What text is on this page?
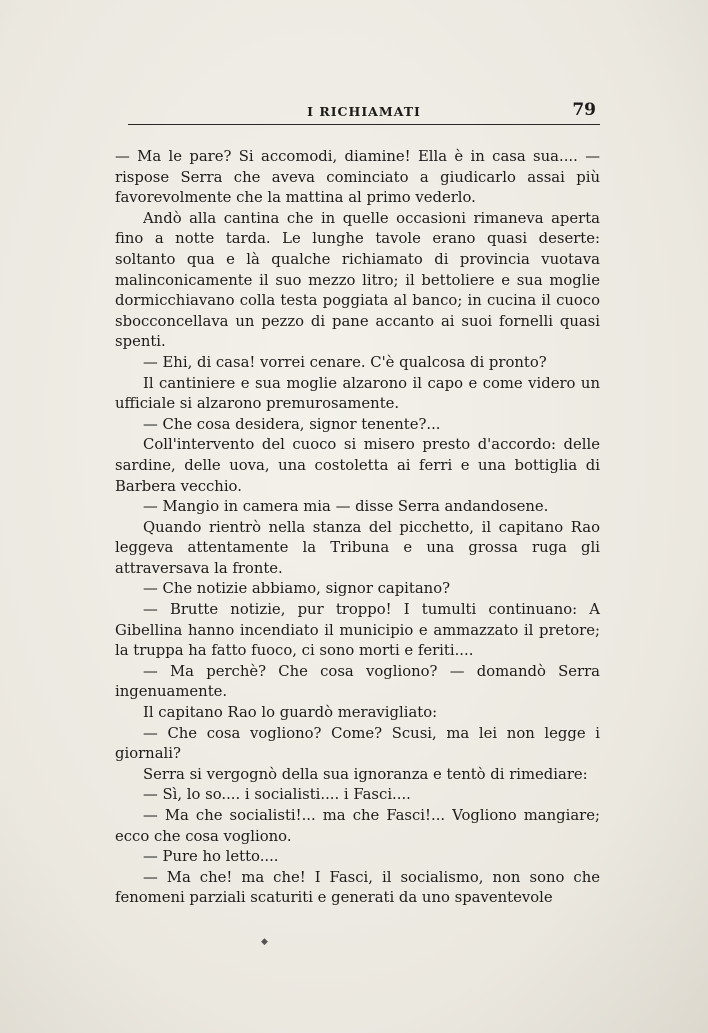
I RICHIAMATI	79

— Ma le pare? Si accomodi, diamine! Ella è in casa sua.... — rispose Serra che aveva cominciato a giudicarlo assai più favorevolmente che la mattina al primo vederlo.

Andò alla cantina che in quelle occasioni rimaneva aperta fino a notte tarda. Le lunghe tavole erano quasi deserte: soltanto qua e là qualche richiamato di provincia vuotava malinconicamente il suo mezzo litro; il bettoliere e sua moglie dormicchiavano colla testa poggiata al banco; in cucina il cuoco sbocconcellava un pezzo di pane accanto ai suoi fornelli quasi spenti.

— Ehi, di casa! vorrei cenare. C'è qualcosa di pronto?

Il cantiniere e sua moglie alzarono il capo e come videro un ufficiale si alzarono premurosamente.

— Che cosa desidera, signor tenente?...

Coll'intervento del cuoco si misero presto d'accordo: delle sardine, delle uova, una costoletta ai ferri e una bottiglia di Barbera vecchio.

— Mangio in camera mia — disse Serra andandosene.

Quando rientrò nella stanza del picchetto, il capitano Rao leggeva attentamente la Tribuna e una grossa ruga gli attraversava la fronte.

— Che notizie abbiamo, signor capitano?

— Brutte notizie, pur troppo! I tumulti continuano: A Gibellina hanno incendiato il municipio e ammazzato il pretore; la truppa ha fatto fuoco, ci sono morti e feriti....

— Ma perchè? Che cosa vogliono? — domandò Serra ingenuamente.

Il capitano Rao lo guardò meravigliato:

— Che cosa vogliono? Come? Scusi, ma lei non legge i giornali?

Serra si vergognò della sua ignoranza e tentò di rimediare:

— Sì, lo so.... i socialisti.... i Fasci....

— Ma che socialisti!... ma che Fasci!... Vogliono mangiare; ecco che cosa vogliono.

— Pure ho letto....

— Ma che! ma che! I Fasci, il socialismo, non sono che fenomeni parziali scaturiti e generati da uno spaventevole

◆
